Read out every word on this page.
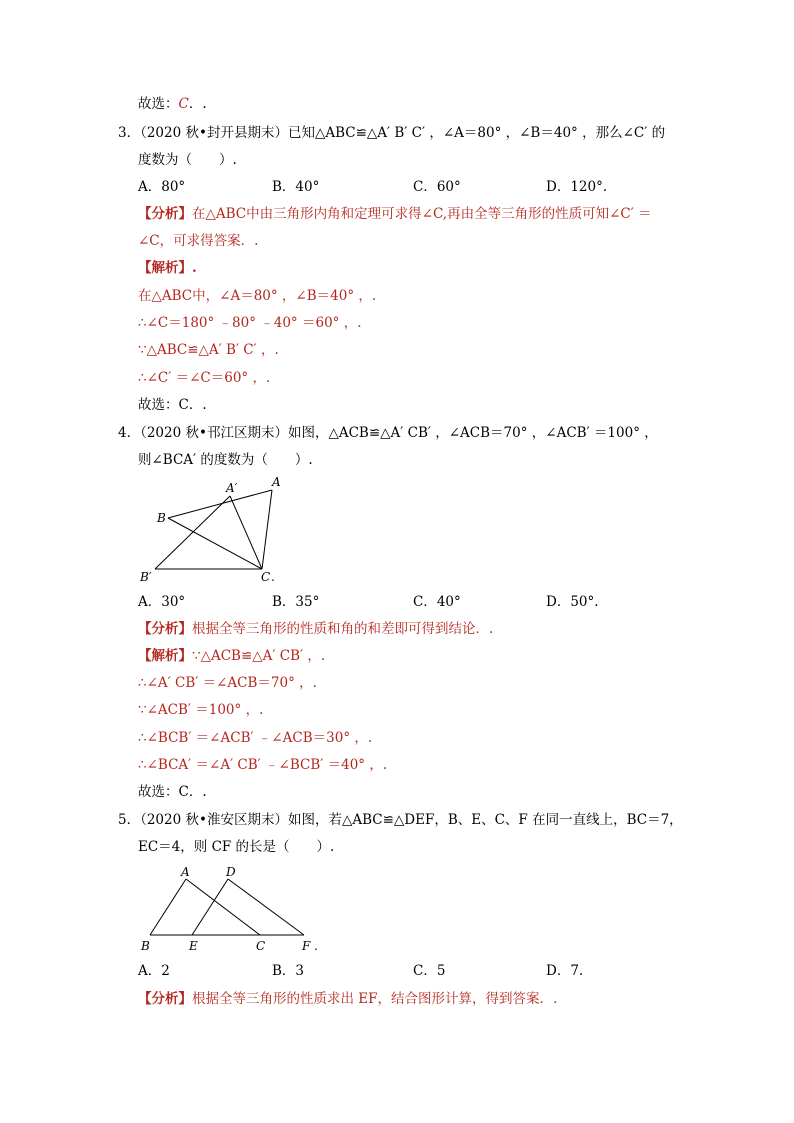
故选：C．.
3．（2020 秋•封开县期末）已知△ABC≌△A′ B′ C′ ，∠A＝80° ，∠B＝40° ，那么∠C′ 的
度数为（　　）.
A．80°	B．40°	C．60°	D．120°.
【分析】在△ABC中由三角形内角和定理可求得∠C,再由全等三角形的性质可知∠C′ ＝
∠C，可求得答案．.
【解析】.
在△ABC中，∠A＝80° ，∠B＝40° ，.
∴∠C＝180° ﹣80° ﹣40° ＝60° ，.
∵△ABC≌△A′ B′ C′ ，.
∴∠C′ ＝∠C＝60° ，.
故选：C．.
4．（2020 秋•邗江区期末）如图，△ACB≌△A′ CB′ ，∠ACB＝70° ，∠ACB′ ＝100° ，
则∠BCA′ 的度数为（　　）.
A
A′
B
B′	C .
A．30°	B．35°	C．40°	D．50°.
【分析】根据全等三角形的性质和角的和差即可得到结论．.
【解析】∵△ACB≌△A′ CB′ ，.
∴∠A′ CB′ ＝∠ACB＝70° ，.
∵∠ACB′ ＝100° ，.
∴∠BCB′ ＝∠ACB′ ﹣∠ACB＝30° ，.
∴∠BCA′ ＝∠A′ CB′ ﹣∠BCB′ ＝40° ，.
故选：C．.
5．（2020 秋•淮安区期末）如图，若△ABC≌△DEF，B、E、C、F 在同一直线上，BC＝7，
EC＝4，则 CF 的长是（　　）.
A	D
B	E	C	F .
A．2	B．3	C．5	D．7.
【分析】根据全等三角形的性质求出 EF，结合图形计算，得到答案．.
